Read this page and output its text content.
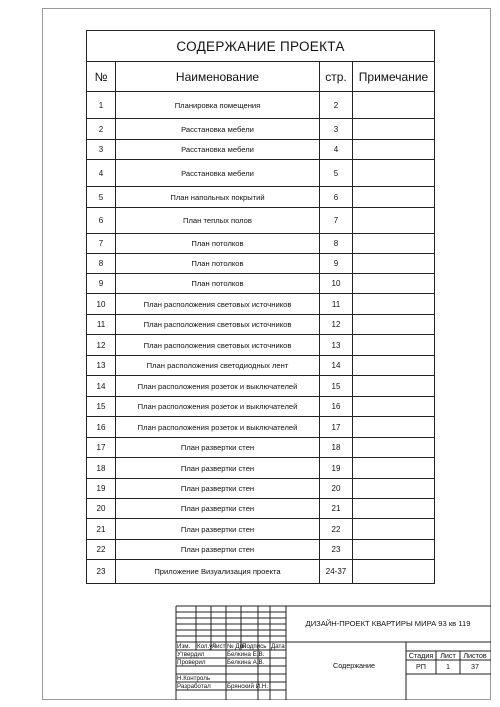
СОДЕРЖАНИЕ ПРОЕКТА			
№	Наименование	стр.	Примечание
1	Планировка помещения	2	
2	Расстановка мебели	3	
3	Расстановка мебели	4	
4	Расстановка мебели	5	
5	План напольных покрытий	6	
6	План теплых полов	7	
7	План потолков	8	
8	План потолков	9	
9	План потолков	10	
10	План расположения световых источников	11	
11	План расположения световых источников	12	
12	План расположения световых источников	13	
13	План расположения светодиодных лент	14	
14	План расположения розеток и выключателей	15	
15	План расположения розеток и выключателей	16	
16	План расположения розеток и выключателей	17	
17	План развертки стен	18	
18	План развертки стен	19	
19	План развертки стен	20	
20	План развертки стен	21	
21	План развертки стен	22	
22	План развертки стен	23	
23	Приложение Визуализация проекта	24-37	
Изм. Кол.уч
Лист № Док
Подпись Дата
Утвердил	Белкина Е.В.
Проверил	Белкина А.В.
Н.Контроль
Разработал	Брянский И.Н.
ДИЗАЙН-ПРОЕКТ КВАРТИРЫ МИРА 93 кв 119
Содержание
Стадия Лист Листов
РП	1	37
